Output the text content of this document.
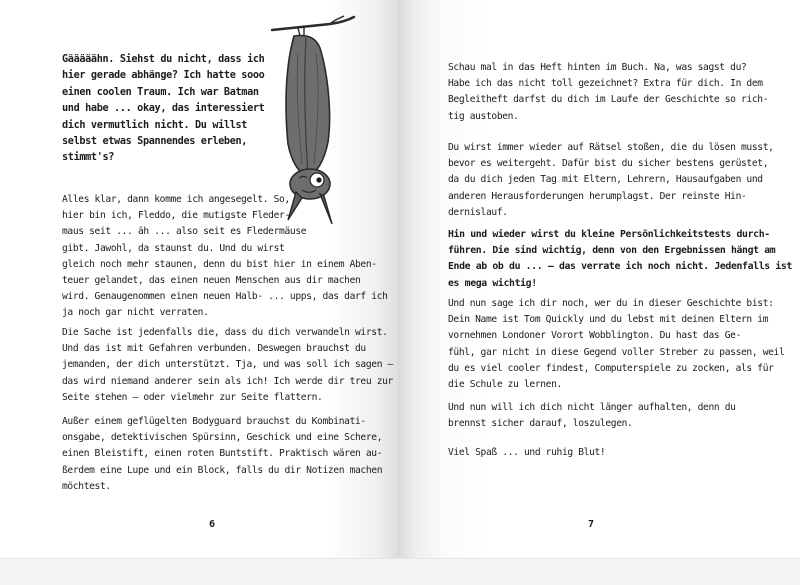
Gääääähn. Siehst du nicht, dass ich
hier gerade abhänge? Ich hatte sooo
einen coolen Traum. Ich war Batman
und habe ... okay, das interessiert
dich vermutlich nicht. Du willst
selbst etwas Spannendes erleben,
stimmt's?

Alles klar, dann komme ich angesegelt. So,
hier bin ich, Fleddo, die mutigste Fleder-
maus seit ... äh ... also seit es Fledermäuse
gibt. Jawohl, da staunst du. Und du wirst
gleich noch mehr staunen, denn du bist hier in einem Aben-
teuer gelandet, das einen neuen Menschen aus dir machen
wird. Genaugenommen einen neuen Halb- ... upps, das darf ich
ja noch gar nicht verraten.

Die Sache ist jedenfalls die, dass du dich verwandeln wirst.
Und das ist mit Gefahren verbunden. Deswegen brauchst du
jemanden, der dich unterstützt. Tja, und was soll ich sagen –
das wird niemand anderer sein als ich! Ich werde dir treu zur
Seite stehen – oder vielmehr zur Seite flattern.

Außer einem geflügelten Bodyguard brauchst du Kombinati-
onsgabe, detektivischen Spürsinn, Geschick und eine Schere,
einen Bleistift, einen roten Buntstift. Praktisch wären au-
ßerdem eine Lupe und ein Block, falls du dir Notizen machen
möchtest.

6

Schau mal in das Heft hinten im Buch. Na, was sagst du?
Habe ich das nicht toll gezeichnet? Extra für dich. In dem
Begleitheft darfst du dich im Laufe der Geschichte so rich-
tig austoben.

Du wirst immer wieder auf Rätsel stoßen, die du lösen musst,
bevor es weitergeht. Dafür bist du sicher bestens gerüstet,
da du dich jeden Tag mit Eltern, Lehrern, Hausaufgaben und
anderen Herausforderungen herumplagst. Der reinste Hin-
dernislauf.

Hin und wieder wirst du kleine Persönlichkeitstests durch-
führen. Die sind wichtig, denn von den Ergebnissen hängt am
Ende ab ob du ... – das verrate ich noch nicht. Jedenfalls ist
es mega wichtig!

Und nun sage ich dir noch, wer du in dieser Geschichte bist:
Dein Name ist Tom Quickly und du lebst mit deinen Eltern im
vornehmen Londoner Vorort Wobblington. Du hast das Ge-
fühl, gar nicht in diese Gegend voller Streber zu passen, weil
du es viel cooler findest, Computerspiele zu zocken, als für
die Schule zu lernen.

Und nun will ich dich nicht länger aufhalten, denn du
brennst sicher darauf, loszulegen.

Viel Spaß ... und ruhig Blut!

7
